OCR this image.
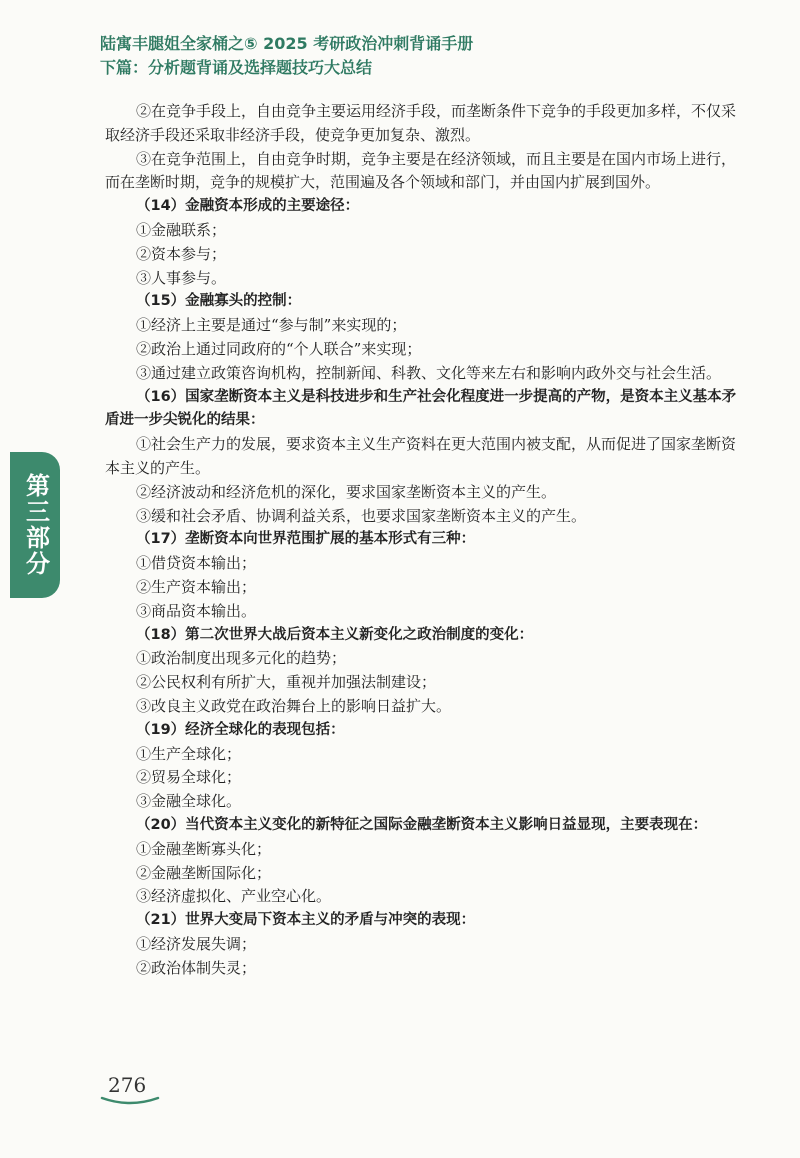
陆寓丰腿姐全家桶之⑤ 2025 考研政治冲刺背诵手册
下篇：分析题背诵及选择题技巧大总结
第三部分

②在竞争手段上，自由竞争主要运用经济手段，而垄断条件下竞争的手段更加多样，不仅采取经济手段还采取非经济手段，使竞争更加复杂、激烈。

③在竞争范围上，自由竞争时期，竞争主要是在经济领域，而且主要是在国内市场上进行，而在垄断时期，竞争的规模扩大，范围遍及各个领域和部门，并由国内扩展到国外。

（14）金融资本形成的主要途径：

①金融联系；

②资本参与；

③人事参与。

（15）金融寡头的控制：

①经济上主要是通过“参与制”来实现的；

②政治上通过同政府的“个人联合”来实现；

③通过建立政策咨询机构，控制新闻、科教、文化等来左右和影响内政外交与社会生活。

（16）国家垄断资本主义是科技进步和生产社会化程度进一步提高的产物，是资本主义基本矛盾进一步尖锐化的结果：

①社会生产力的发展，要求资本主义生产资料在更大范围内被支配，从而促进了国家垄断资本主义的产生。

②经济波动和经济危机的深化，要求国家垄断资本主义的产生。

③缓和社会矛盾、协调利益关系，也要求国家垄断资本主义的产生。

（17）垄断资本向世界范围扩展的基本形式有三种：

①借贷资本输出；

②生产资本输出；

③商品资本输出。

（18）第二次世界大战后资本主义新变化之政治制度的变化：

①政治制度出现多元化的趋势；

②公民权利有所扩大，重视并加强法制建设；

③改良主义政党在政治舞台上的影响日益扩大。

（19）经济全球化的表现包括：

①生产全球化；

②贸易全球化；

③金融全球化。

（20）当代资本主义变化的新特征之国际金融垄断资本主义影响日益显现，主要表现在：

①金融垄断寡头化；

②金融垄断国际化；

③经济虚拟化、产业空心化。

（21）世界大变局下资本主义的矛盾与冲突的表现：

①经济发展失调；

②政治体制失灵；

276
